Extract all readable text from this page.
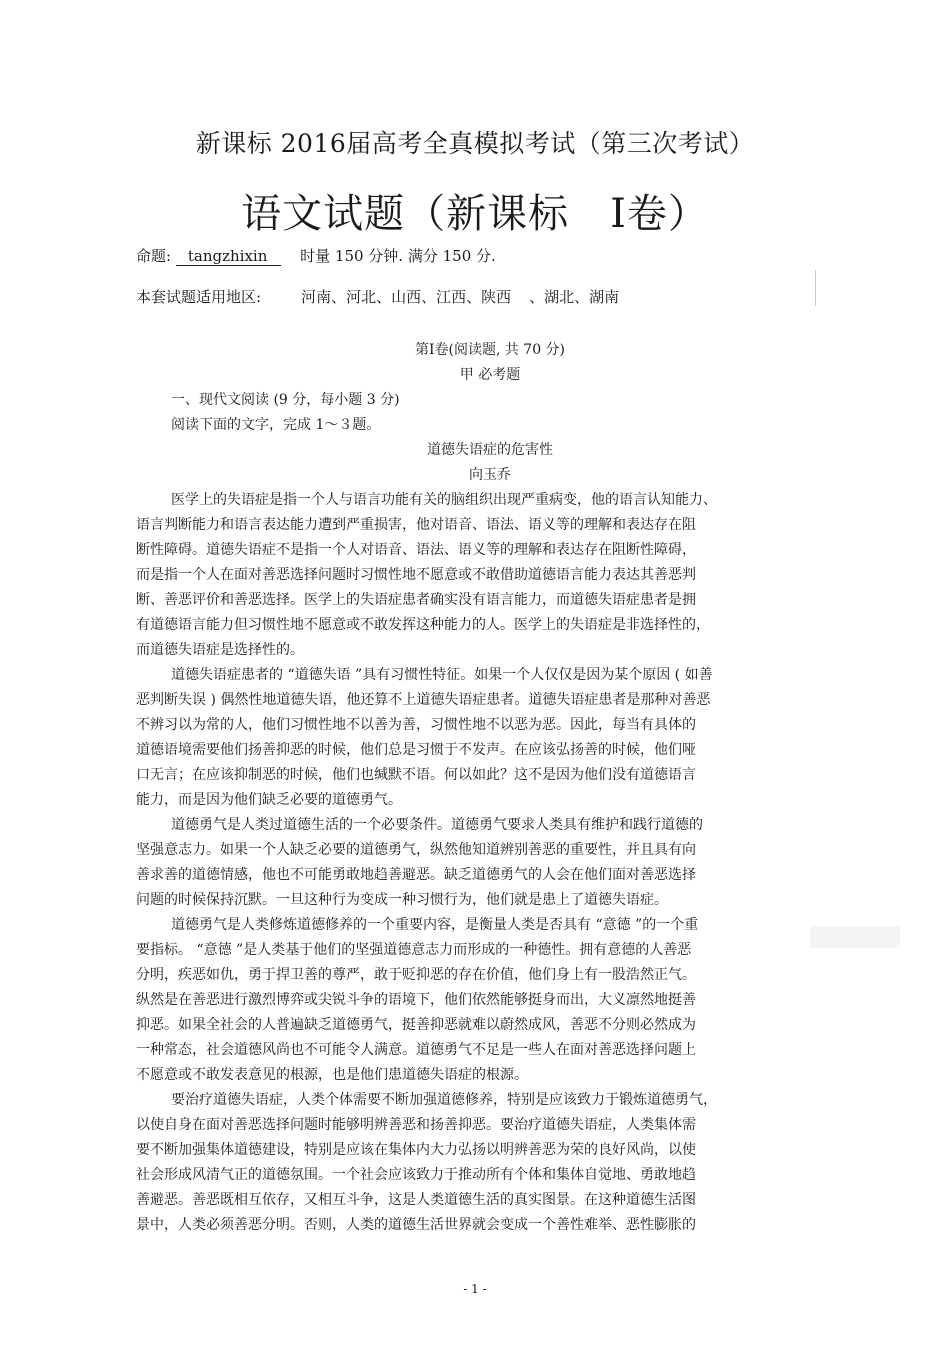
新课标 2016届高考全真模拟考试（第三次考试）
语文试题（新课标　Ⅰ卷）
命题: tangzhixin 时量 150 分钟. 满分 150 分.
本套试题适用地区:	河南、河北、山西、江西、陕西 、湖北、湖南
第Ⅰ卷(阅读题, 共 70 分)
甲 必考题
一、现代文阅读 (9 分，每小题 3 分)
阅读下面的文字，完成 1～３题。
道德失语症的危害性
向玉乔
医学上的失语症是指一个人与语言功能有关的脑组织出现严重病变，他的语言认知能力、
语言判断能力和语言表达能力遭到严重损害，他对语音、语法、语义等的理解和表达存在阻
断性障碍。道德失语症不是指一个人对语音、语法、语义等的理解和表达存在阻断性障碍，
而是指一个人在面对善恶选择问题时习惯性地不愿意或不敢借助道德语言能力表达其善恶判
断、善恶评价和善恶选择。医学上的失语症患者确实没有语言能力，而道德失语症患者是拥
有道德语言能力但习惯性地不愿意或不敢发挥这种能力的人。医学上的失语症是非选择性的，
而道德失语症是选择性的。
道德失语症患者的 “道德失语 ”具有习惯性特征。如果一个人仅仅是因为某个原因 ( 如善
恶判断失误 ) 偶然性地道德失语，他还算不上道德失语症患者。道德失语症患者是那种对善恶
不辨习以为常的人，他们习惯性地不以善为善，习惯性地不以恶为恶。因此，每当有具体的
道德语境需要他们扬善抑恶的时候，他们总是习惯于不发声。在应该弘扬善的时候，他们哑
口无言；在应该抑制恶的时候，他们也缄默不语。何以如此？这不是因为他们没有道德语言
能力，而是因为他们缺乏必要的道德勇气。
道德勇气是人类过道德生活的一个必要条件。道德勇气要求人类具有维护和践行道德的
坚强意志力。如果一个人缺乏必要的道德勇气，纵然他知道辨别善恶的重要性，并且具有向
善求善的道德情感，他也不可能勇敢地趋善避恶。缺乏道德勇气的人会在他们面对善恶选择
问题的时候保持沉默。一旦这种行为变成一种习惯行为，他们就是患上了道德失语症。
道德勇气是人类修炼道德修养的一个重要内容，是衡量人类是否具有 “意德 ”的一个重
要指标。 “意德 ”是人类基于他们的坚强道德意志力而形成的一种德性。拥有意德的人善恶
分明，疾恶如仇，勇于捍卫善的尊严，敢于贬抑恶的存在价值，他们身上有一股浩然正气。
纵然是在善恶进行激烈博弈或尖锐斗争的语境下，他们依然能够挺身而出，大义凛然地挺善
抑恶。如果全社会的人普遍缺乏道德勇气，挺善抑恶就难以蔚然成风，善恶不分则必然成为
一种常态，社会道德风尚也不可能令人满意。道德勇气不足是一些人在面对善恶选择问题上
不愿意或不敢发表意见的根源，也是他们患道德失语症的根源。
要治疗道德失语症，人类个体需要不断加强道德修养，特别是应该致力于锻炼道德勇气，
以使自身在面对善恶选择问题时能够明辨善恶和扬善抑恶。要治疗道德失语症，人类集体需
要不断加强集体道德建设，特别是应该在集体内大力弘扬以明辨善恶为荣的良好风尚，以使
社会形成风清气正的道德氛围。一个社会应该致力于推动所有个体和集体自觉地、勇敢地趋
善避恶。善恶既相互依存，又相互斗争，这是人类道德生活的真实图景。在这种道德生活图
景中，人类必须善恶分明。否则，人类的道德生活世界就会变成一个善性难举、恶性膨胀的
- 1 -
